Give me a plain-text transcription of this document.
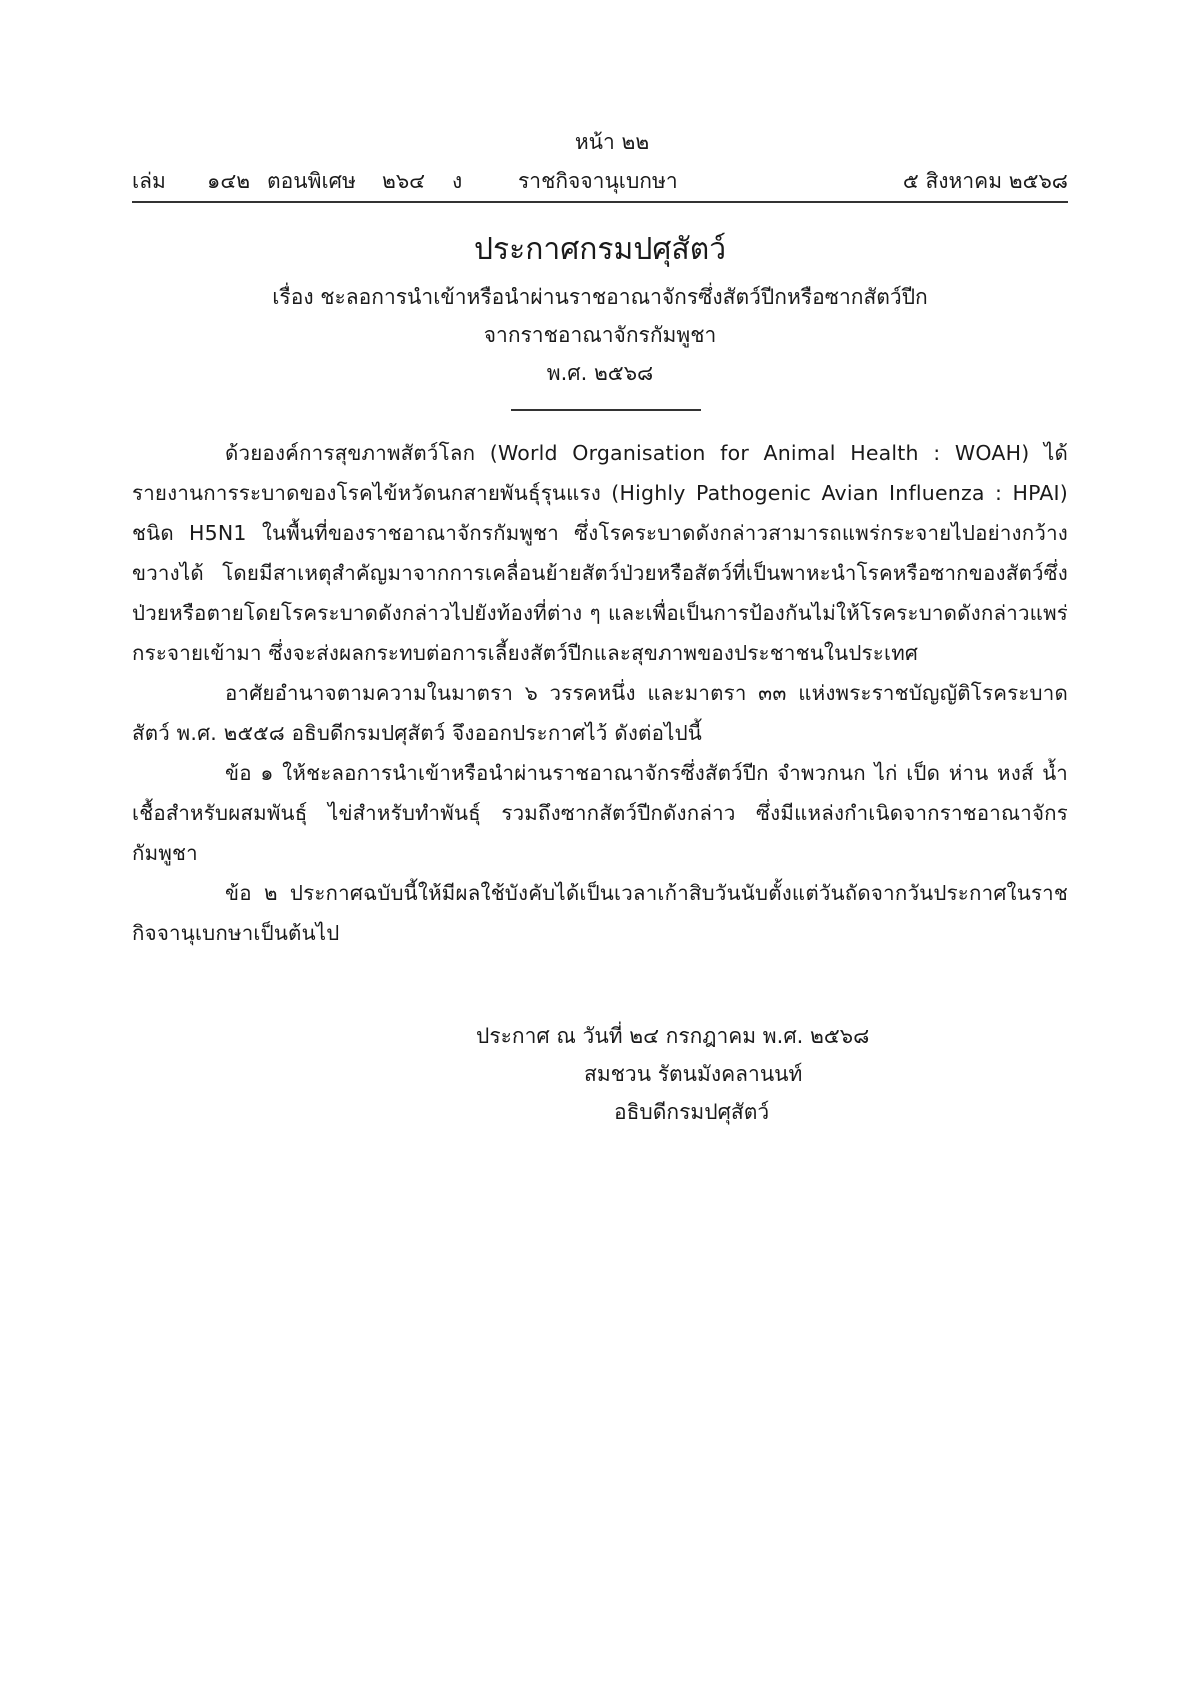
หน้า ๒๒
เล่ม ๑๔๒ ตอนพิเศษ ๒๖๔ ง	ราชกิจจานุเบกษา	๕ สิงหาคม ๒๕๖๘
ประกาศกรมปศุสัตว์
เรื่อง ชะลอการนำเข้าหรือนำผ่านราชอาณาจักรซึ่งสัตว์ปีกหรือซากสัตว์ปีก
จากราชอาณาจักรกัมพูชา
พ.ศ. ๒๕๖๘

ด้วยองค์การสุขภาพสัตว์โลก (World Organisation for Animal Health : WOAH) ได้รายงานการระบาดของโรคไข้หวัดนกสายพันธุ์รุนแรง (Highly Pathogenic Avian Influenza : HPAI) ชนิด H5N1 ในพื้นที่ของราชอาณาจักรกัมพูชา ซึ่งโรคระบาดดังกล่าวสามารถแพร่กระจายไปอย่างกว้างขวางได้ โดยมีสาเหตุสำคัญมาจากการเคลื่อนย้ายสัตว์ป่วยหรือสัตว์ที่เป็นพาหะนำโรคหรือซากของสัตว์ซึ่งป่วยหรือตายโดยโรคระบาดดังกล่าวไปยังท้องที่ต่าง ๆ และเพื่อเป็นการป้องกันไม่ให้โรคระบาดดังกล่าวแพร่กระจายเข้ามา ซึ่งจะส่งผลกระทบต่อการเลี้ยงสัตว์ปีกและสุขภาพของประชาชนในประเทศ

อาศัยอำนาจตามความในมาตรา ๖ วรรคหนึ่ง และมาตรา ๓๓ แห่งพระราชบัญญัติโรคระบาดสัตว์ พ.ศ. ๒๕๕๘ อธิบดีกรมปศุสัตว์ จึงออกประกาศไว้ ดังต่อไปนี้

ข้อ ๑ ให้ชะลอการนำเข้าหรือนำผ่านราชอาณาจักรซึ่งสัตว์ปีก จำพวกนก ไก่ เป็ด ห่าน หงส์ น้ำเชื้อสำหรับผสมพันธุ์ ไข่สำหรับทำพันธุ์ รวมถึงซากสัตว์ปีกดังกล่าว ซึ่งมีแหล่งกำเนิดจากราชอาณาจักรกัมพูชา

ข้อ ๒ ประกาศฉบับนี้ให้มีผลใช้บังคับได้เป็นเวลาเก้าสิบวันนับตั้งแต่วันถัดจากวันประกาศในราชกิจจานุเบกษาเป็นต้นไป

ประกาศ ณ วันที่ ๒๔ กรกฎาคม พ.ศ. ๒๕๖๘
สมชวน รัตนมังคลานนท์
อธิบดีกรมปศุสัตว์
